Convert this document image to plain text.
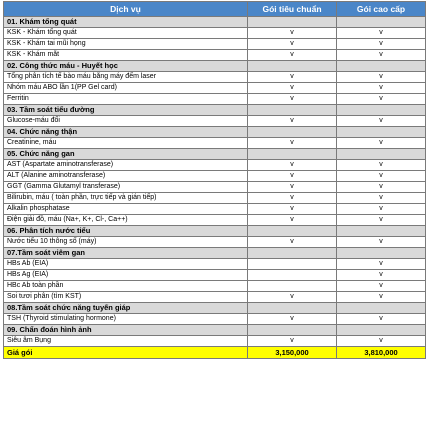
Dịch vụ	Gói tiêu chuẩn	Gói cao cấp
01. Khám tổng quát		
KSK - Khám tổng quát	v	v
KSK - Khám tai mũi họng	v	v
KSK - Khám mắt	v	v
02. Công thức máu - Huyết học		
Tổng phân tích tế bào máu bằng máy đếm laser	v	v
Nhóm máu ABO lần 1(PP Gel card)	v	v
Ferritin	v	v
03. Tầm soát tiểu đường		
Glucose-máu đổi	v	v
04. Chức năng thận		
Creatinine, máu	v	v
05. Chức năng gan		
AST (Aspartate aminotransferase)	v	v
ALT (Alanine aminotransferase)	v	v
GGT (Gamma Glutamyl transferase)	v	v
Bilirubin, máu ( toàn phần, trực tiếp và gián tiếp)	v	v
Alkalin phosphatase	v	v
Điện giải đồ, máu (Na+, K+, Cl-, Ca++)	v	v
06. Phân tích nước tiểu		
Nước tiểu 10 thông số (máy)	v	v
07.Tầm soát viêm gan		
HBs Ab (EIA)		v
HBs Ag (EIA)		v
HBc Ab toàn phần		v
Soi tươi phân (tìm KST)	v	v
08.Tầm soát chức năng tuyến giáp		
TSH (Thyroid stimulating hormone)	v	v
09. Chẩn đoán hình ảnh		
Siêu âm Bụng	v	v
Giá gói	3,150,000	3,810,000
